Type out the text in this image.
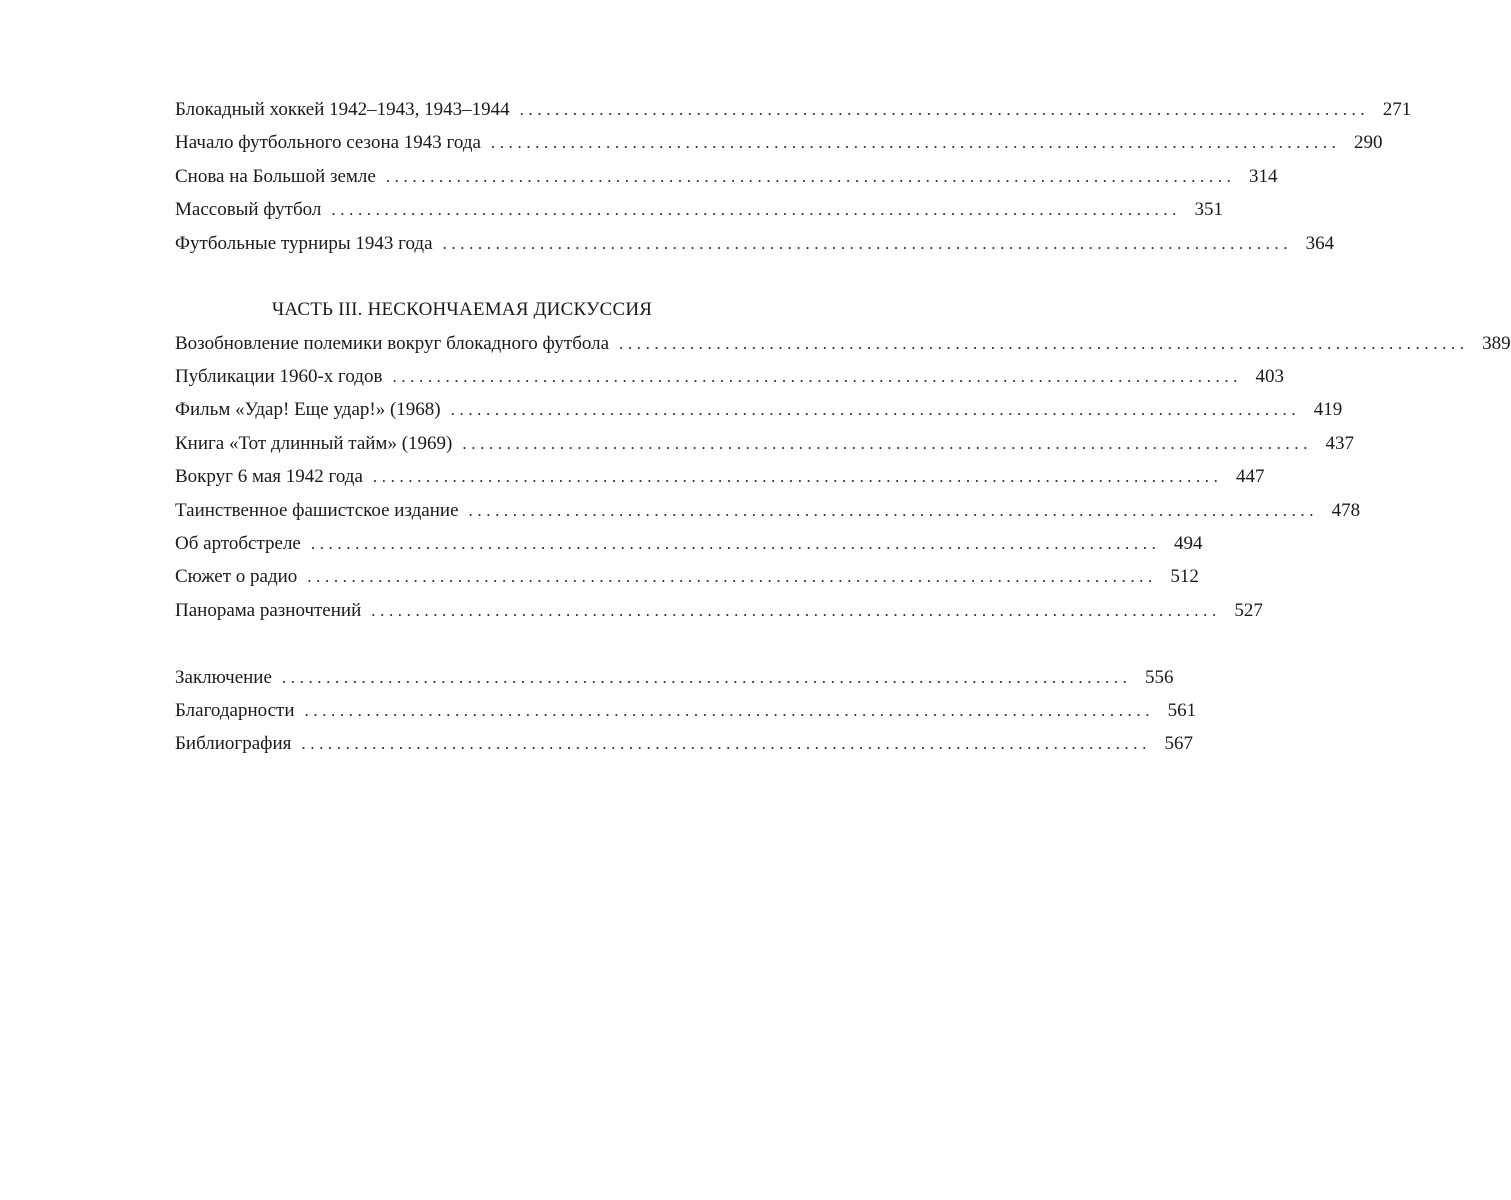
Блокадный хоккей 1942–1943, 1943–1944 ................................................................................................ 271
Начало футбольного сезона 1943 года ................................................................................................ 290
Снова на Большой земле ................................................................................................ 314
Массовый футбол ................................................................................................ 351
Футбольные турниры 1943 года ................................................................................................ 364
ЧАСТЬ III. НЕСКОНЧАЕМАЯ ДИСКУССИЯ
Возобновление полемики вокруг блокадного футбола ................................................................................................ 389
Публикации 1960-х годов ................................................................................................ 403
Фильм «Удар! Еще удар!» (1968) ................................................................................................ 419
Книга «Тот длинный тайм» (1969) ................................................................................................ 437
Вокруг 6 мая 1942 года ................................................................................................ 447
Таинственное фашистское издание ................................................................................................ 478
Об артобстреле ................................................................................................ 494
Сюжет о радио ................................................................................................ 512
Панорама разночтений ................................................................................................ 527
Заключение ................................................................................................ 556
Благодарности ................................................................................................ 561
Библиография ................................................................................................ 567
